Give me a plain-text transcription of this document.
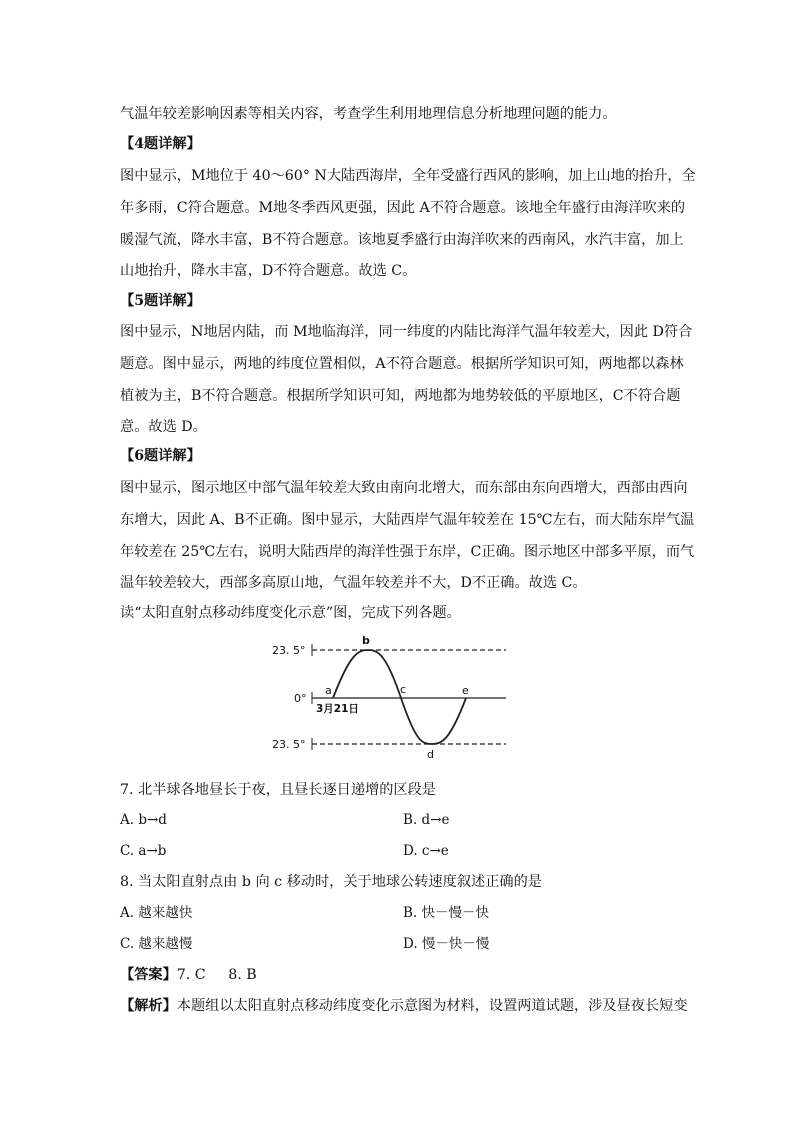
气温年较差影响因素等相关内容，考查学生利用地理信息分析地理问题的能力。
【4题详解】
图中显示，M地位于 40～60° N大陆西海岸，全年受盛行西风的影响，加上山地的抬升，全
年多雨，C符合题意。M地冬季西风更强，因此 A不符合题意。该地全年盛行由海洋吹来的
暖湿气流，降水丰富，B不符合题意。该地夏季盛行由海洋吹来的西南风，水汽丰富，加上
山地抬升，降水丰富，D不符合题意。故选 C。
【5题详解】
图中显示，N地居内陆，而 M地临海洋，同一纬度的内陆比海洋气温年较差大，因此 D符合
题意。图中显示，两地的纬度位置相似，A不符合题意。根据所学知识可知，两地都以森林
植被为主，B不符合题意。根据所学知识可知，两地都为地势较低的平原地区，C不符合题
意。故选 D。
【6题详解】
图中显示，图示地区中部气温年较差大致由南向北增大，而东部由东向西增大，西部由西向
东增大，因此 A、B不正确。图中显示，大陆西岸气温年较差在 15℃左右，而大陆东岸气温
年较差在 25℃左右，说明大陆西岸的海洋性强于东岸，C正确。图示地区中部多平原，而气
温年较差较大，西部多高原山地，气温年较差并不大，D不正确。故选 C。
读“太阳直射点移动纬度变化示意”图，完成下列各题。
23. 5°
0°
23. 5°
a
b
c
d
e
3月21日
7. 北半球各地昼长于夜，且昼长逐日递增的区段是
A. b→d	B. d→e
C. a→b	D. c→e
8. 当太阳直射点由 b 向 c 移动时，关于地球公转速度叙述正确的是
A. 越来越快	B. 快－慢－快
C. 越来越慢	D. 慢－快－慢
【答案】7. C     8. B
【解析】本题组以太阳直射点移动纬度变化示意图为材料，设置两道试题，涉及昼夜长短变
